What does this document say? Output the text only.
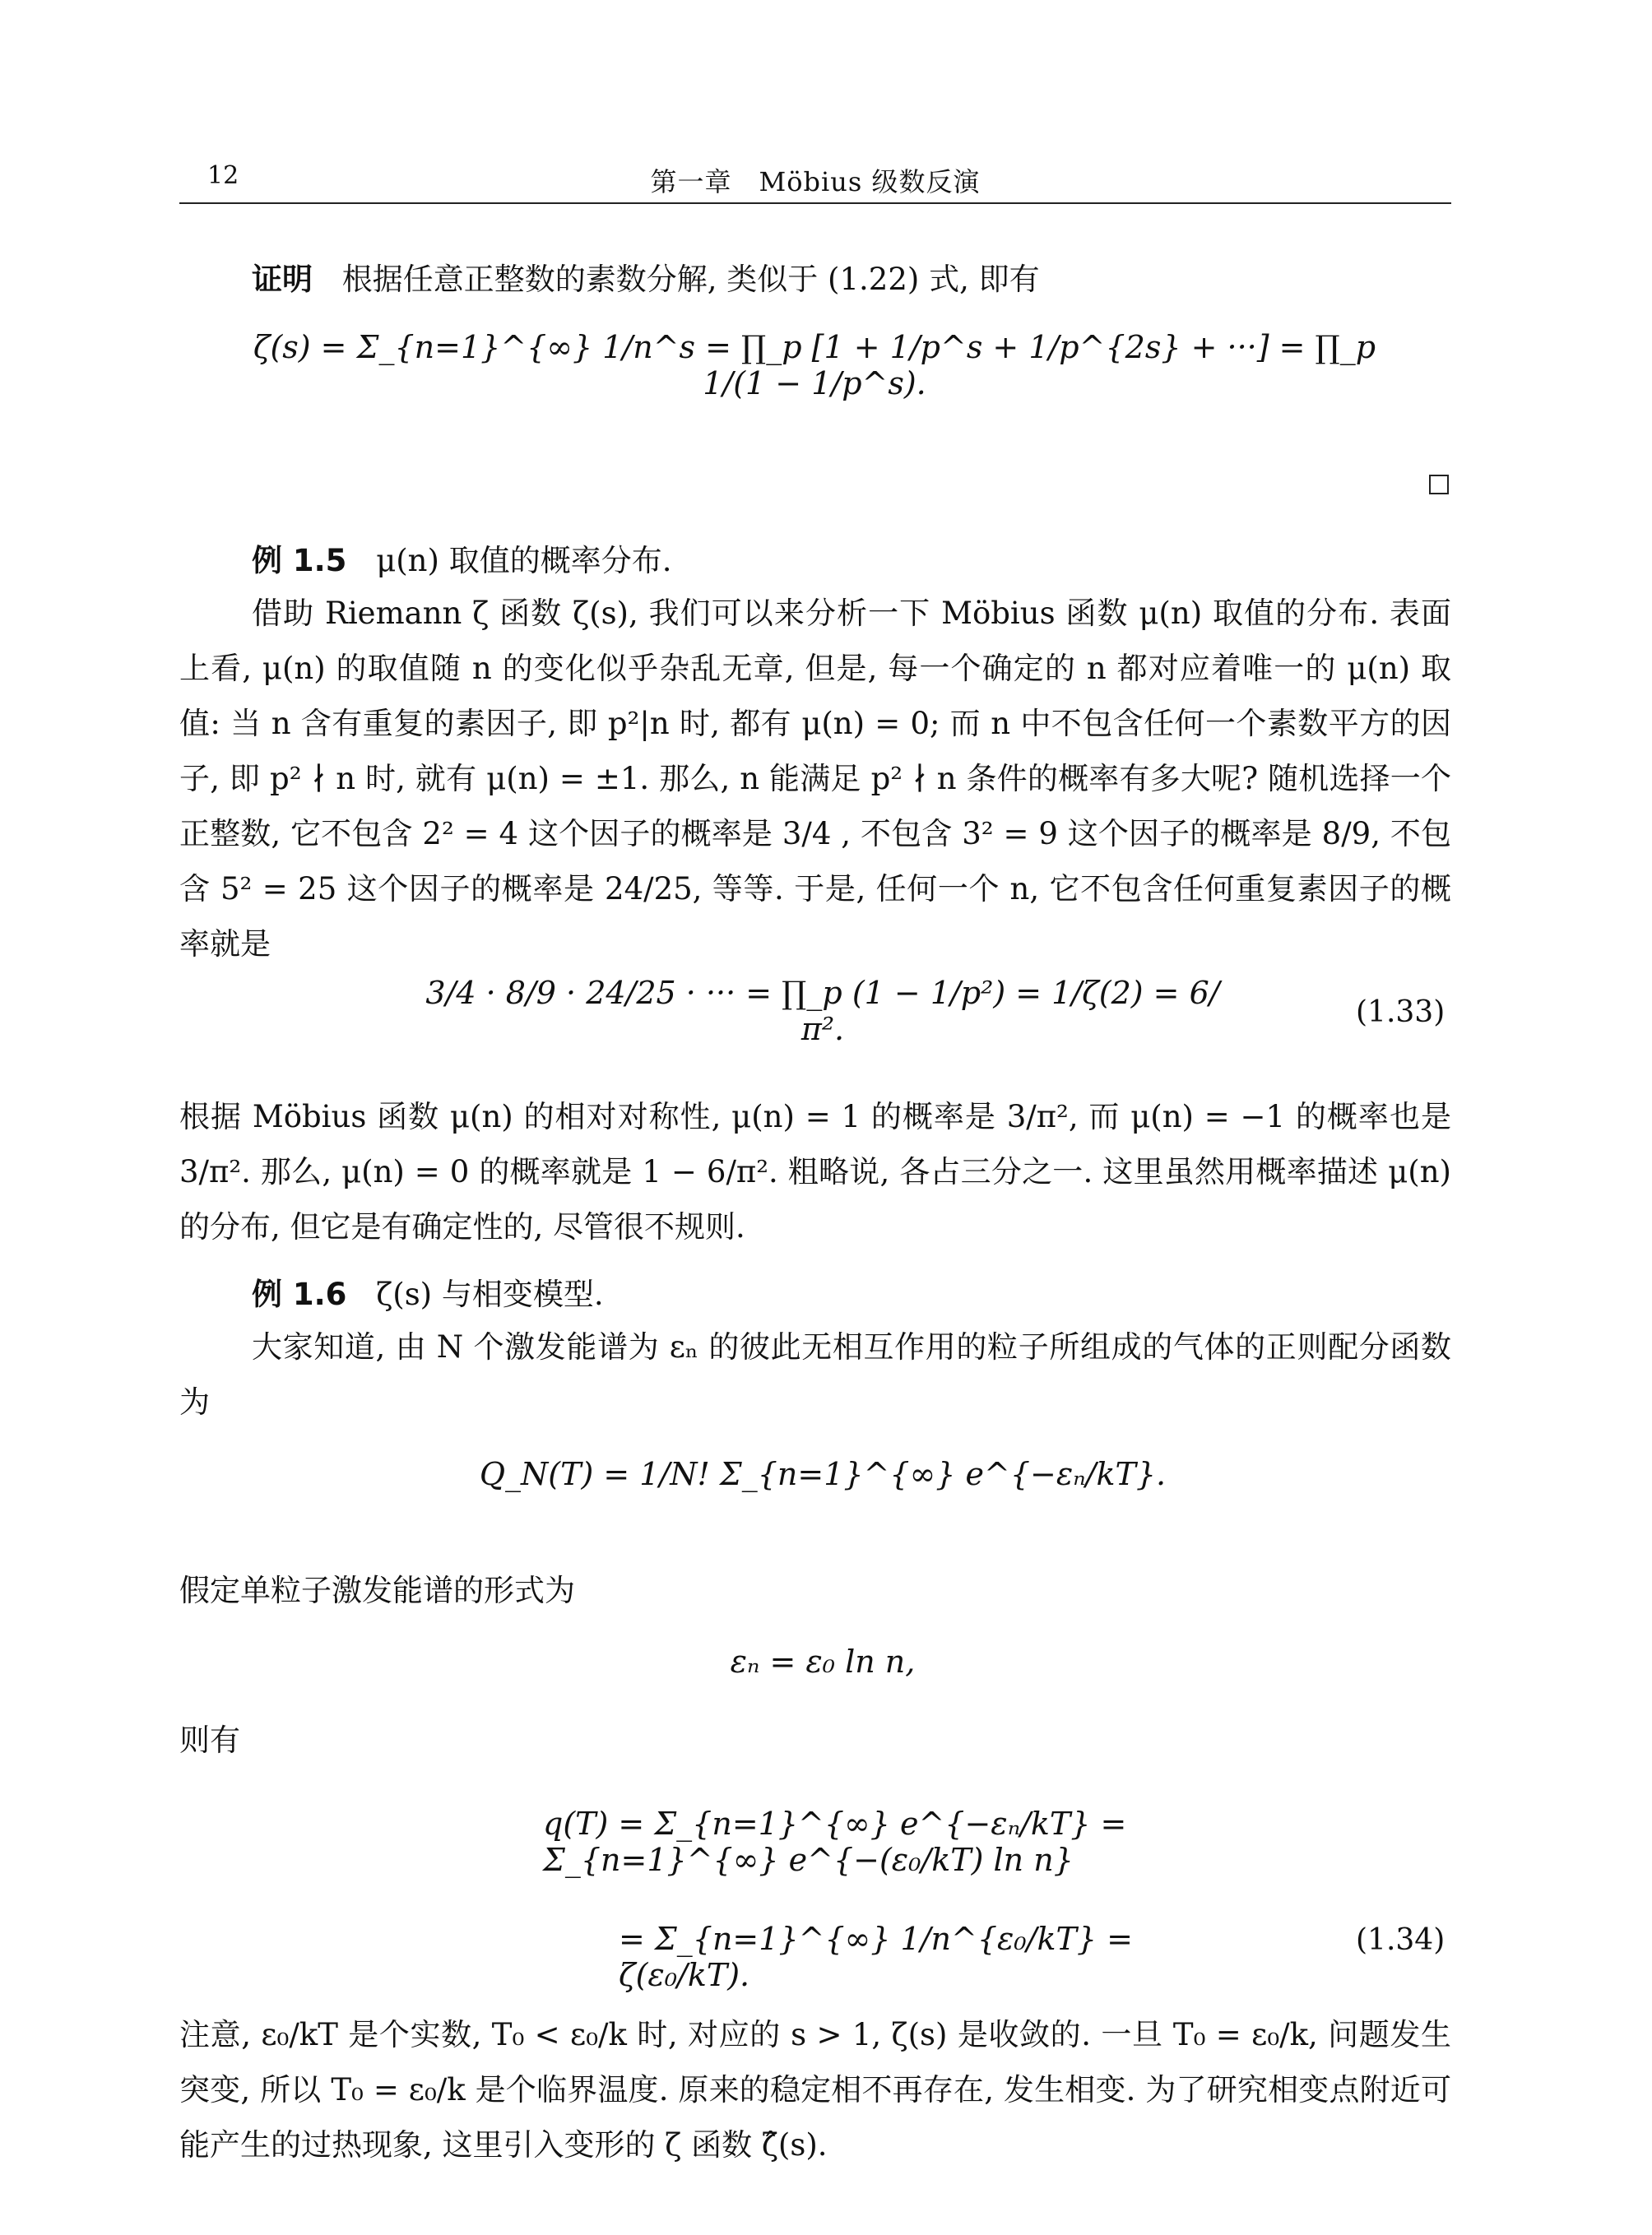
12	第一章　Möbius 级数反演
证明 根据任意正整数的素数分解, 类似于 (1.22) 式, 即有
ζ(s) = Σ_{n=1}^{∞} 1/n^s = ∏_p [1 + 1/p^s + 1/p^{2s} + ···] = ∏_p 1/(1 − 1/p^s).
例 1.5 μ(n) 取值的概率分布.
借助 Riemann ζ 函数 ζ(s), 我们可以来分析一下 Möbius 函数 μ(n) 取值的分布. 表面上看, μ(n) 的取值随 n 的变化似乎杂乱无章, 但是, 每一个确定的 n 都对应着唯一的 μ(n) 取值: 当 n 含有重复的素因子, 即 p²|n 时, 都有 μ(n) = 0; 而 n 中不包含任何一个素数平方的因子, 即 p² ∤ n 时, 就有 μ(n) = ±1. 那么, n 能满足 p² ∤ n 条件的概率有多大呢? 随机选择一个正整数, 它不包含 2² = 4 这个因子的概率是 3/4 , 不包含 3² = 9 这个因子的概率是 8/9, 不包含 5² = 25 这个因子的概率是 24/25, 等等. 于是, 任何一个 n, 它不包含任何重复素因子的概率就是
3/4 · 8/9 · 24/25 · ··· = ∏_p (1 − 1/p²) = 1/ζ(2) = 6/π².	(1.33)
根据 Möbius 函数 μ(n) 的相对对称性, μ(n) = 1 的概率是 3/π², 而 μ(n) = −1 的概率也是 3/π². 那么, μ(n) = 0 的概率就是 1 − 6/π². 粗略说, 各占三分之一. 这里虽然用概率描述 μ(n) 的分布, 但它是有确定性的, 尽管很不规则.
例 1.6 ζ(s) 与相变模型.
大家知道, 由 N 个激发能谱为 εₙ 的彼此无相互作用的粒子所组成的气体的正则配分函数为
Q_N(T) = 1/N! Σ_{n=1}^{∞} e^{−εₙ/kT}.
假定单粒子激发能谱的形式为
εₙ = ε₀ ln n,
则有
q(T) = Σ_{n=1}^{∞} e^{−εₙ/kT} = Σ_{n=1}^{∞} e^{−(ε₀/kT) ln n}
= Σ_{n=1}^{∞} 1/n^{ε₀/kT} = ζ(ε₀/kT).
(1.34)
注意, ε₀/kT 是个实数, T₀ < ε₀/k 时, 对应的 s > 1, ζ(s) 是收敛的. 一旦 T₀ = ε₀/k, 问题发生突变, 所以 T₀ = ε₀/k 是个临界温度. 原来的稳定相不再存在, 发生相变. 为了研究相变点附近可能产生的过热现象, 这里引入变形的 ζ 函数 ζ̂(s).
